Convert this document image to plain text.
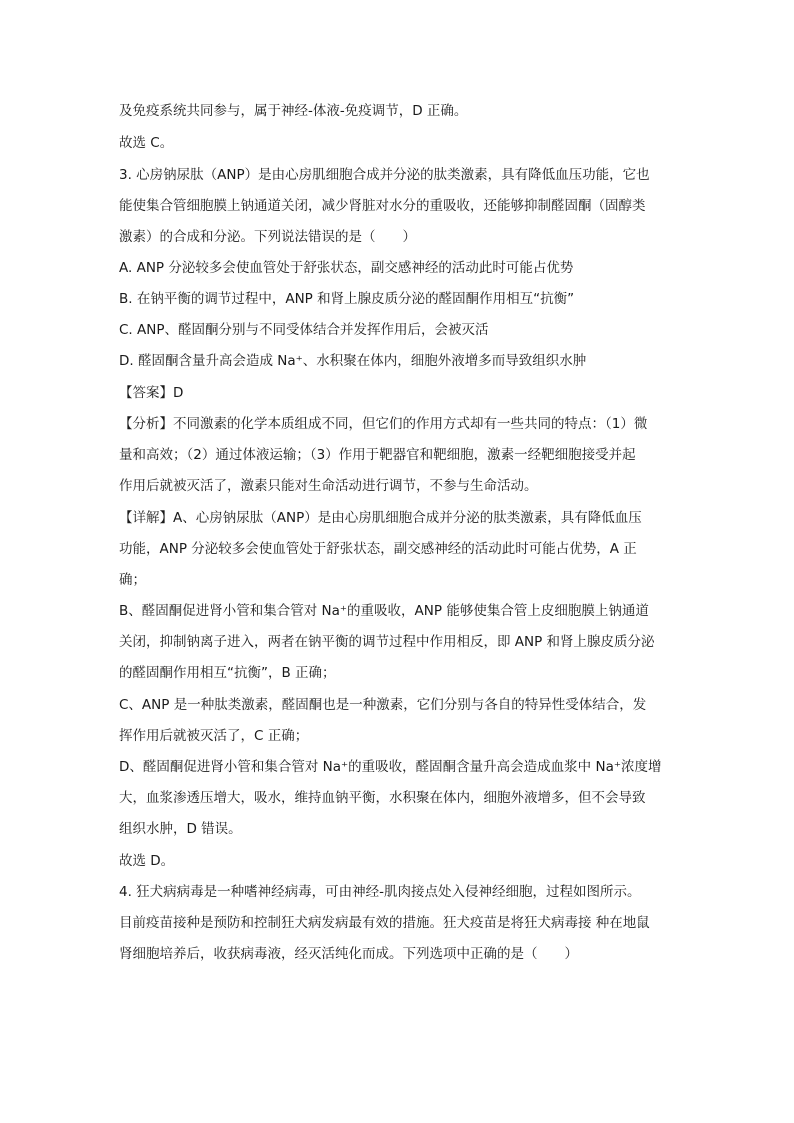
及免疫系统共同参与，属于神经-体液-免疫调节，D 正确。
故选 C。
3. 心房钠尿肽（ANP）是由心房肌细胞合成并分泌的肽类激素，具有降低血压功能，它也
能使集合管细胞膜上钠通道关闭，减少肾脏对水分的重吸收，还能够抑制醛固酮（固醇类
激素）的合成和分泌。下列说法错误的是（　　）
A. ANP 分泌较多会使血管处于舒张状态，副交感神经的活动此时可能占优势
B. 在钠平衡的调节过程中，ANP 和肾上腺皮质分泌的醛固酮作用相互“抗衡”
C. ANP、醛固酮分别与不同受体结合并发挥作用后，会被灭活
D. 醛固酮含量升高会造成 Na⁺、水积聚在体内，细胞外液增多而导致组织水肿
【答案】D
【分析】不同激素的化学本质组成不同，但它们的作用方式却有一些共同的特点：（1）微
量和高效；（2）通过体液运输；（3）作用于靶器官和靶细胞，激素一经靶细胞接受并起
作用后就被灭活了，激素只能对生命活动进行调节，不参与生命活动。
【详解】A、心房钠尿肽（ANP）是由心房肌细胞合成并分泌的肽类激素，具有降低血压
功能，ANP 分泌较多会使血管处于舒张状态，副交感神经的活动此时可能占优势，A 正
确；
B、醛固酮促进肾小管和集合管对 Na⁺的重吸收，ANP 能够使集合管上皮细胞膜上钠通道
关闭，抑制钠离子进入，两者在钠平衡的调节过程中作用相反，即 ANP 和肾上腺皮质分泌
的醛固酮作用相互“抗衡”，B 正确；
C、ANP 是一种肽类激素，醛固酮也是一种激素，它们分别与各自的特异性受体结合，发
挥作用后就被灭活了，C 正确；
D、醛固酮促进肾小管和集合管对 Na⁺的重吸收，醛固酮含量升高会造成血浆中 Na⁺浓度增
大，血浆渗透压增大，吸水，维持血钠平衡，水积聚在体内，细胞外液增多，但不会导致
组织水肿，D 错误。
故选 D。
4. 狂犬病病毒是一种嗜神经病毒，可由神经-肌肉接点处入侵神经细胞，过程如图所示。
目前疫苗接种是预防和控制狂犬病发病最有效的措施。狂犬疫苗是将狂犬病毒接 种在地鼠
肾细胞培养后，收获病毒液，经灭活纯化而成。下列选项中正确的是（　　）
